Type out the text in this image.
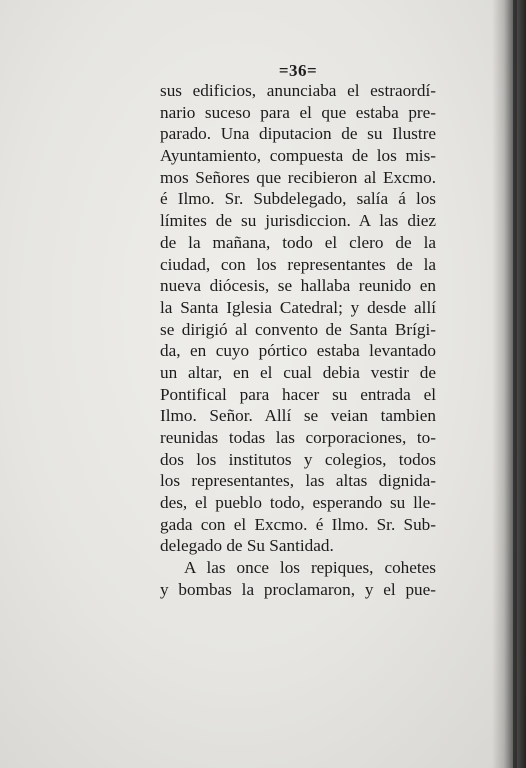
=36=
sus edificios, anunciaba el estraordí-
nario suceso para el que estaba pre-
parado. Una diputacion de su Ilustre
Ayuntamiento, compuesta de los mis-
mos Señores que recibieron al Excmo.
é Ilmo. Sr. Subdelegado, salía á los
límites de su jurisdiccion. A las diez
de la mañana, todo el clero de la
ciudad, con los representantes de la
nueva diócesis, se hallaba reunido en
la Santa Iglesia Catedral; y desde allí
se dirigió al convento de Santa Brígi-
da, en cuyo pórtico estaba levantado
un altar, en el cual debia vestir de
Pontifical para hacer su entrada el
Ilmo. Señor. Allí se veian tambien
reunidas todas las corporaciones, to-
dos los institutos y colegios, todos
los representantes, las altas dignida-
des, el pueblo todo, esperando su lle-
gada con el Excmo. é Ilmo. Sr. Sub-
delegado de Su Santidad.
A las once los repiques, cohetes
y bombas la proclamaron, y el pue-
